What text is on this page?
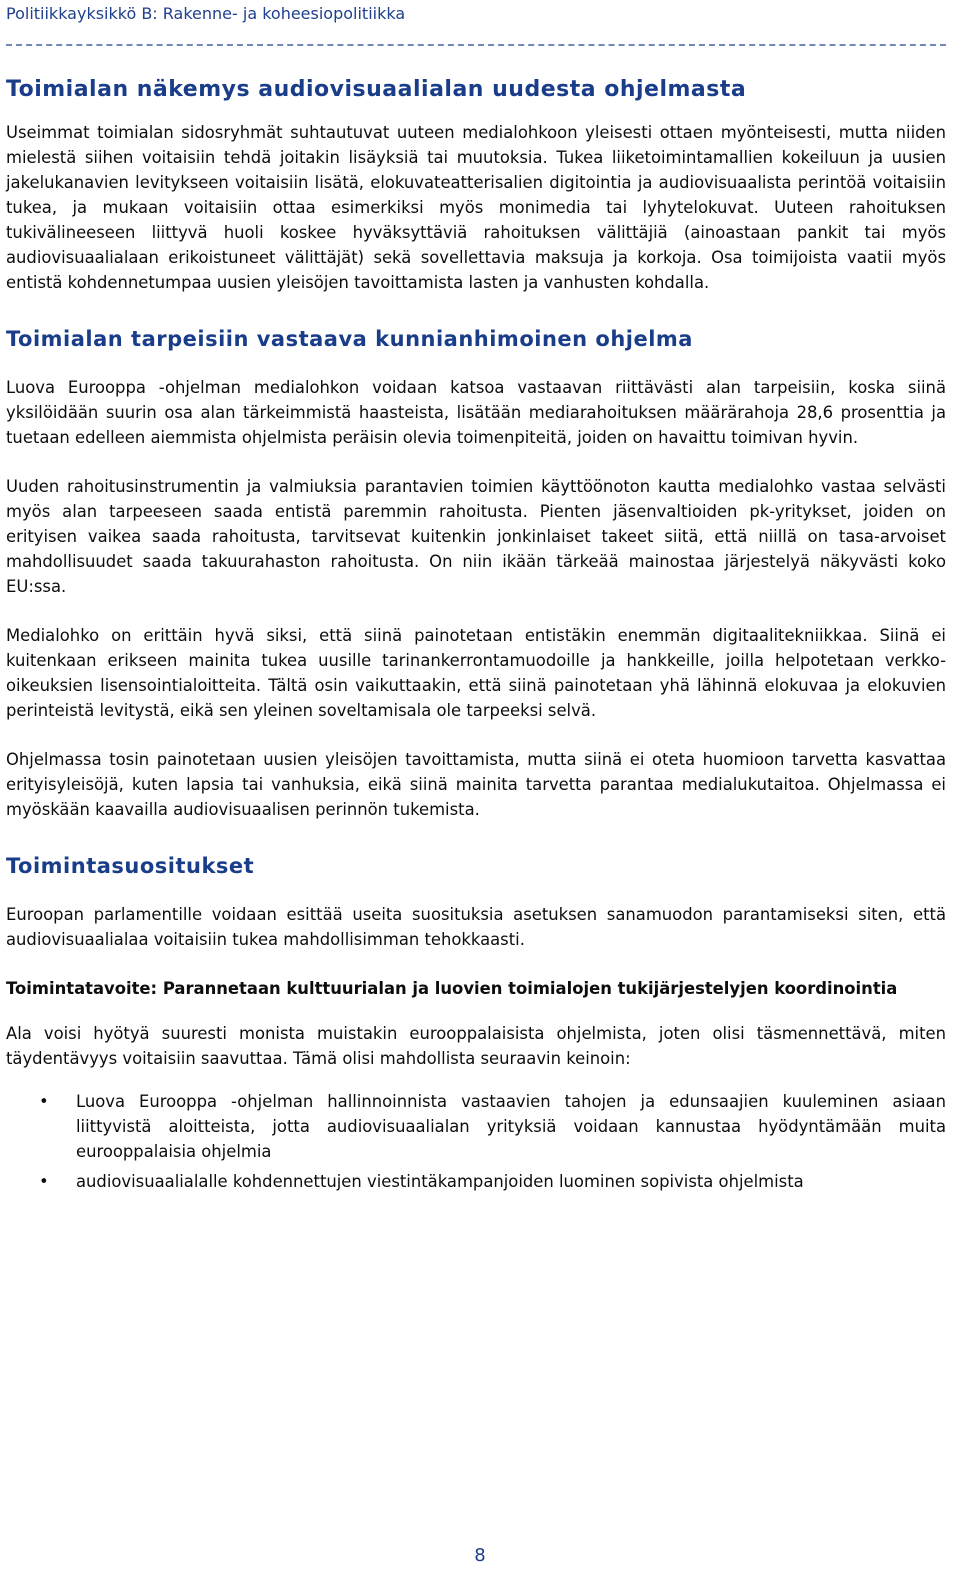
Politiikkayksikkö B: Rakenne- ja koheesiopolitiikka
Toimialan näkemys audiovisuaalialan uudesta ohjelmasta

Useimmat toimialan sidosryhmät suhtautuvat uuteen medialohkoon yleisesti ottaen myönteisesti, mutta niiden mielestä siihen voitaisiin tehdä joitakin lisäyksiä tai muutoksia. Tukea liiketoimintamallien kokeiluun ja uusien jakelukanavien levitykseen voitaisiin lisätä, elokuvateatterisalien digitointia ja audiovisuaalista perintöä voitaisiin tukea, ja mukaan voitaisiin ottaa esimerkiksi myös monimedia tai lyhytelokuvat. Uuteen rahoituksen tukivälineeseen liittyvä huoli koskee hyväksyttäviä rahoituksen välittäjiä (ainoastaan pankit tai myös audiovisuaalialaan erikoistuneet välittäjät) sekä sovellettavia maksuja ja korkoja. Osa toimijoista vaatii myös entistä kohdennetumpaa uusien yleisöjen tavoittamista lasten ja vanhusten kohdalla.

Toimialan tarpeisiin vastaava kunnianhimoinen ohjelma

Luova Eurooppa -ohjelman medialohkon voidaan katsoa vastaavan riittävästi alan tarpeisiin, koska siinä yksilöidään suurin osa alan tärkeimmistä haasteista, lisätään mediarahoituksen määrärahoja 28,6 prosenttia ja tuetaan edelleen aiemmista ohjelmista peräisin olevia toimenpiteitä, joiden on havaittu toimivan hyvin.

Uuden rahoitusinstrumentin ja valmiuksia parantavien toimien käyttöönoton kautta medialohko vastaa selvästi myös alan tarpeeseen saada entistä paremmin rahoitusta. Pienten jäsenvaltioiden pk-yritykset, joiden on erityisen vaikea saada rahoitusta, tarvitsevat kuitenkin jonkinlaiset takeet siitä, että niillä on tasa-arvoiset mahdollisuudet saada takuurahaston rahoitusta. On niin ikään tärkeää mainostaa järjestelyä näkyvästi koko EU:ssa.

Medialohko on erittäin hyvä siksi, että siinä painotetaan entistäkin enemmän digitaalitekniikkaa. Siinä ei kuitenkaan erikseen mainita tukea uusille tarinankerrontamuodoille ja hankkeille, joilla helpotetaan verkko-oikeuksien lisensointialoitteita. Tältä osin vaikuttaakin, että siinä painotetaan yhä lähinnä elokuvaa ja elokuvien perinteistä levitystä, eikä sen yleinen soveltamisala ole tarpeeksi selvä.

Ohjelmassa tosin painotetaan uusien yleisöjen tavoittamista, mutta siinä ei oteta huomioon tarvetta kasvattaa erityisyleisöjä, kuten lapsia tai vanhuksia, eikä siinä mainita tarvetta parantaa medialukutaitoa. Ohjelmassa ei myöskään kaavailla audiovisuaalisen perinnön tukemista.

Toimintasuositukset

Euroopan parlamentille voidaan esittää useita suosituksia asetuksen sanamuodon parantamiseksi siten, että audiovisuaalialaa voitaisiin tukea mahdollisimman tehokkaasti.

Toimintatavoite: Parannetaan kulttuurialan ja luovien toimialojen tukijärjestelyjen koordinointia

Ala voisi hyötyä suuresti monista muistakin eurooppalaisista ohjelmista, joten olisi täsmennettävä, miten täydentävyys voitaisiin saavuttaa. Tämä olisi mahdollista seuraavin keinoin:

• Luova Eurooppa -ohjelman hallinnoinnista vastaavien tahojen ja edunsaajien kuuleminen asiaan liittyvistä aloitteista, jotta audiovisuaalialan yrityksiä voidaan kannustaa hyödyntämään muita eurooppalaisia ohjelmia
• audiovisuaalialalle kohdennettujen viestintäkampanjoiden luominen sopivista ohjelmista
8
